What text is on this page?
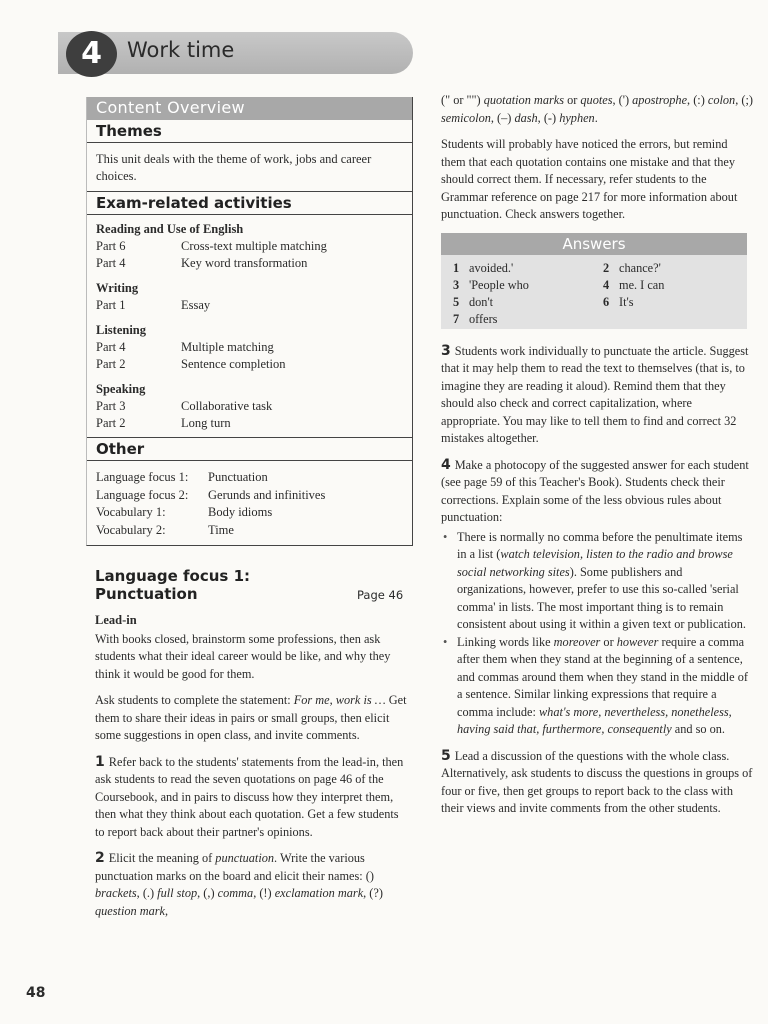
4	Work time
Content Overview
Themes
This unit deals with the theme of work, jobs and career choices.
Exam-related activities
Reading and Use of English
Part 6	Cross-text multiple matching
Part 4	Key word transformation
Writing
Part 1	Essay
Listening
Part 4	Multiple matching
Part 2	Sentence completion
Speaking
Part 3	Collaborative task
Part 2	Long turn
Other
Language focus 1:	Punctuation
Language focus 2:	Gerunds and infinitives
Vocabulary 1:	Body idioms
Vocabulary 2:	Time
Language focus 1:
Punctuation	Page 46
Lead-in

With books closed, brainstorm some professions, then ask students what their ideal career would be like, and why they think it would be good for them.

Ask students to complete the statement: For me, work is … Get them to share their ideas in pairs or small groups, then elicit some suggestions in open class, and invite comments.

1 Refer back to the students' statements from the lead-in, then ask students to read the seven quotations on page 46 of the Coursebook, and in pairs to discuss how they interpret them, then what they think about each quotation. Get a few students to report back about their partner's opinions.

2 Elicit the meaning of punctuation. Write the various punctuation marks on the board and elicit their names: () brackets, (.) full stop, (,) comma, (!) exclamation mark, (?) question mark,

(" or "") quotation marks or quotes, (') apostrophe, (:) colon, (;) semicolon, (–) dash, (-) hyphen.

Students will probably have noticed the errors, but remind them that each quotation contains one mistake and that they should correct them. If necessary, refer students to the Grammar reference on page 217 for more information about punctuation. Check answers together.

Answers
1 avoided.'	2 chance?'
3 'People who	4 me. I can
5 don't	6 It's
7 offers

3 Students work individually to punctuate the article. Suggest that it may help them to read the text to themselves (that is, to imagine they are reading it aloud). Remind them that they should also check and correct capitalization, where appropriate. You may like to tell them to find and correct 32 mistakes altogether.

4 Make a photocopy of the suggested answer for each student (see page 59 of this Teacher's Book). Students check their corrections. Explain some of the less obvious rules about punctuation:

• There is normally no comma before the penultimate items in a list (watch television, listen to the radio and browse social networking sites). Some publishers and organizations, however, prefer to use this so-called 'serial comma' in lists. The most important thing is to remain consistent about using it within a given text or publication.
• Linking words like moreover or however require a comma after them when they stand at the beginning of a sentence, and commas around them when they stand in the middle of a sentence. Similar linking expressions that require a comma include: what's more, nevertheless, nonetheless, having said that, furthermore, consequently and so on.

5 Lead a discussion of the questions with the whole class. Alternatively, ask students to discuss the questions in groups of four or five, then get groups to report back to the class with their views and invite comments from the other students.

48
